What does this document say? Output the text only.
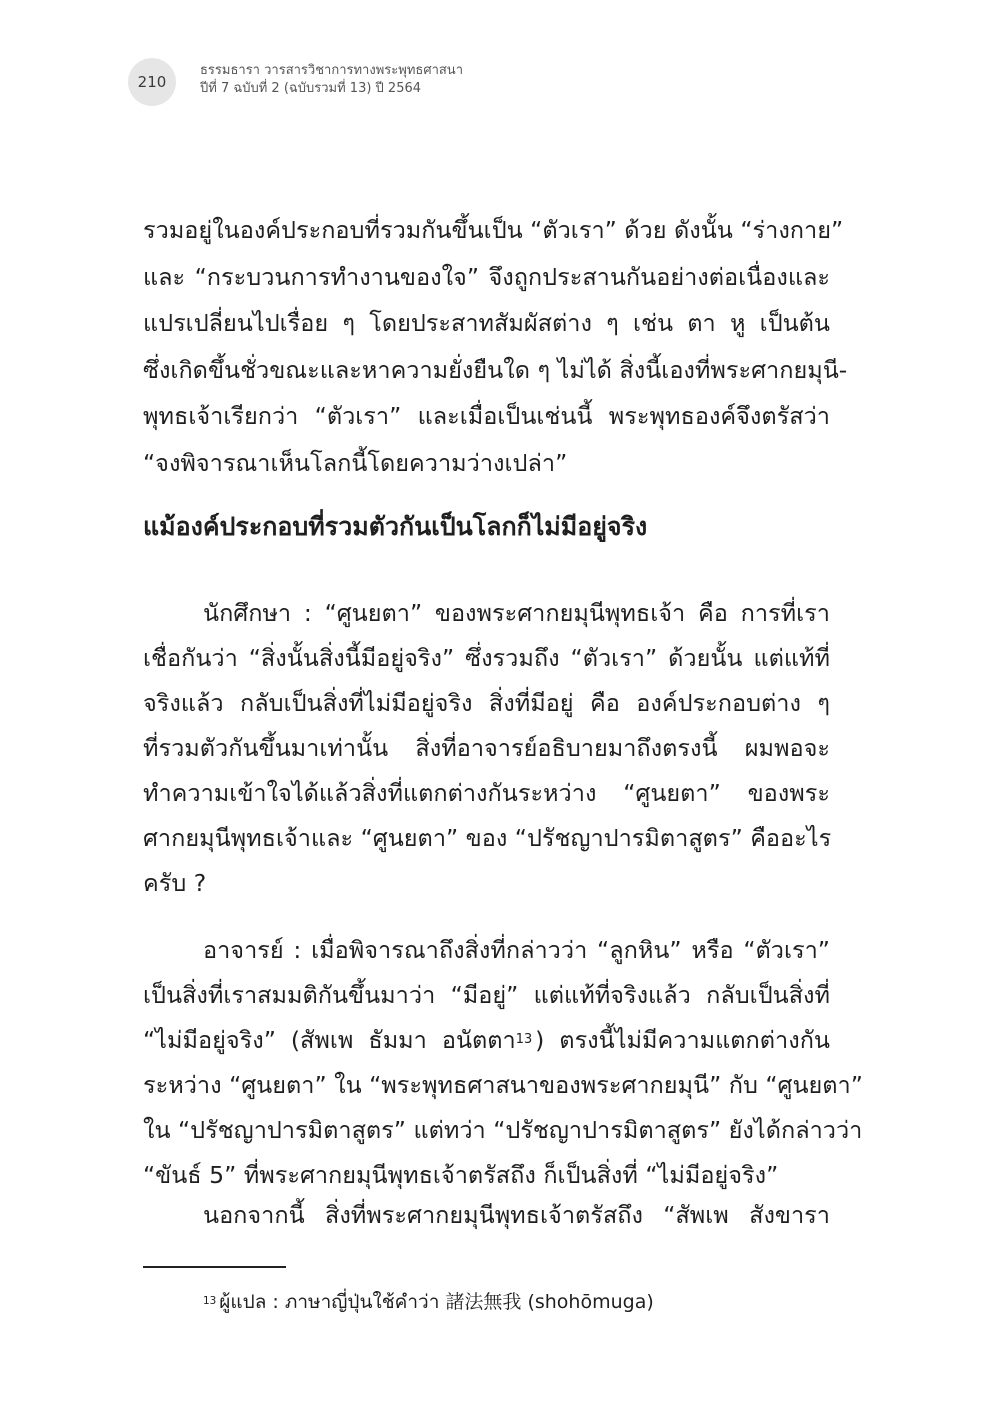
210
ธรรมธารา วารสารวิชาการทางพระพุทธศาสนา
ปีที่ 7 ฉบับที่ 2 (ฉบับรวมที่ 13) ปี 2564
รวมอยู่ในองค์ประกอบที่รวมกันขึ้นเป็น “ตัวเรา” ด้วย ดังนั้น “ร่างกาย”
และ “กระบวนการทำงานของใจ” จึงถูกประสานกันอย่างต่อเนื่องและ
แปรเปลี่ยนไปเรื่อย ๆ โดยประสาทสัมผัสต่าง ๆ เช่น ตา หู เป็นต้น
ซึ่งเกิดขึ้นชั่วขณะและหาความยั่งยืนใด ๆ ไม่ได้ สิ่งนี้เองที่พระศากยมุนี-
พุทธเจ้าเรียกว่า “ตัวเรา” และเมื่อเป็นเช่นนี้ พระพุทธองค์จึงตรัสว่า
“จงพิจารณาเห็นโลกนี้โดยความว่างเปล่า”
แม้องค์ประกอบที่รวมตัวกันเป็นโลกก็ไม่มีอยู่จริง
นักศึกษา : “ศูนยตา” ของพระศากยมุนีพุทธเจ้า คือ การที่เรา
เชื่อกันว่า “สิ่งนั้นสิ่งนี้มีอยู่จริง” ซึ่งรวมถึง “ตัวเรา” ด้วยนั้น แต่แท้ที่
จริงแล้ว กลับเป็นสิ่งที่ไม่มีอยู่จริง สิ่งที่มีอยู่ คือ องค์ประกอบต่าง ๆ
ที่รวมตัวกันขึ้นมาเท่านั้น สิ่งที่อาจารย์อธิบายมาถึงตรงนี้ ผมพอจะ
ทำความเข้าใจได้แล้วสิ่งที่แตกต่างกันระหว่าง “ศูนยตา” ของพระ
ศากยมุนีพุทธเจ้าและ “ศูนยตา” ของ “ปรัชญาปารมิตาสูตร” คืออะไร
ครับ ?
อาจารย์ : เมื่อพิจารณาถึงสิ่งที่กล่าวว่า “ลูกหิน” หรือ “ตัวเรา”
เป็นสิ่งที่เราสมมติกันขึ้นมาว่า “มีอยู่” แต่แท้ที่จริงแล้ว กลับเป็นสิ่งที่
“ไม่มีอยู่จริง” (สัพเพ ธัมมา อนัตตา$^{13}$ ) ตรงนี้ไม่มีความแตกต่างกัน
ระหว่าง “ศูนยตา” ใน “พระพุทธศาสนาของพระศากยมุนี” กับ “ศูนยตา”
ใน “ปรัชญาปารมิตาสูตร” แต่ทว่า “ปรัชญาปารมิตาสูตร” ยังได้กล่าวว่า
“ขันธ์ 5” ที่พระศากยมุนีพุทธเจ้าตรัสถึง ก็เป็นสิ่งที่ “ไม่มีอยู่จริง”
นอกจากนี้ สิ่งที่พระศากยมุนีพุทธเจ้าตรัสถึง “สัพเพ สังขารา
$^{13}$ ผู้แปล : ภาษาญี่ปุ่นใช้คำว่า 諸法無我 (shohōmuga)
